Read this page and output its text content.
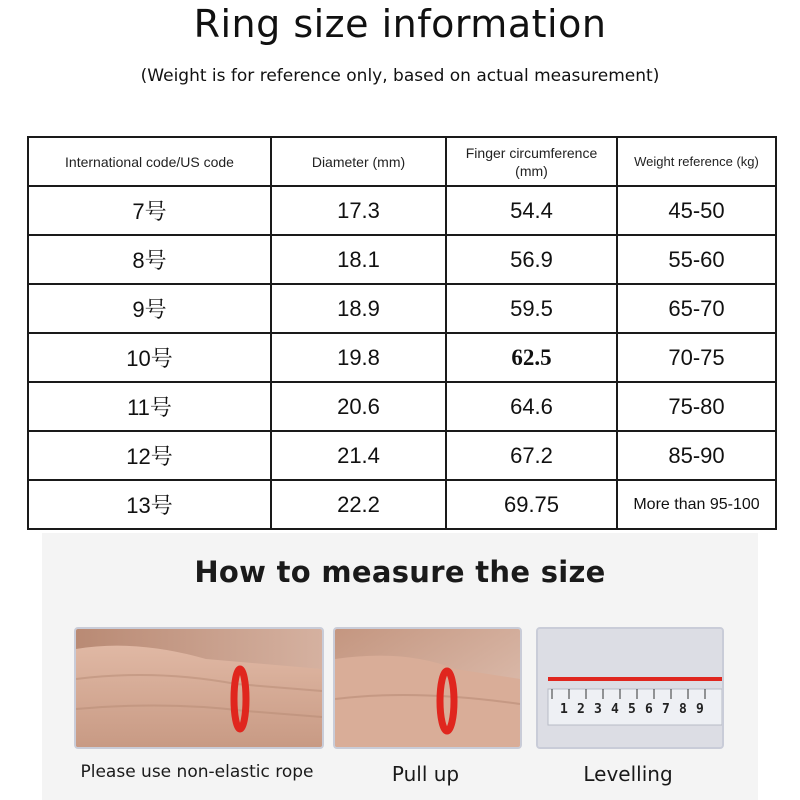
Ring size information
(Weight is for reference only, based on actual measurement)
International code/US code	Diameter (mm)	Finger circumference (mm)	Weight reference (kg)
7号	17.3	54.4	45-50
8号	18.1	56.9	55-60
9号	18.9	59.5	65-70
10号	19.8	62.5	70-75
11号	20.6	64.6	75-80
12号	21.4	67.2	85-90
13号	22.2	69.75	More than 95-100
How to measure the size
1 2 3 4 5 6 7 8 9
Please use non-elastic rope	Pull up	Levelling
